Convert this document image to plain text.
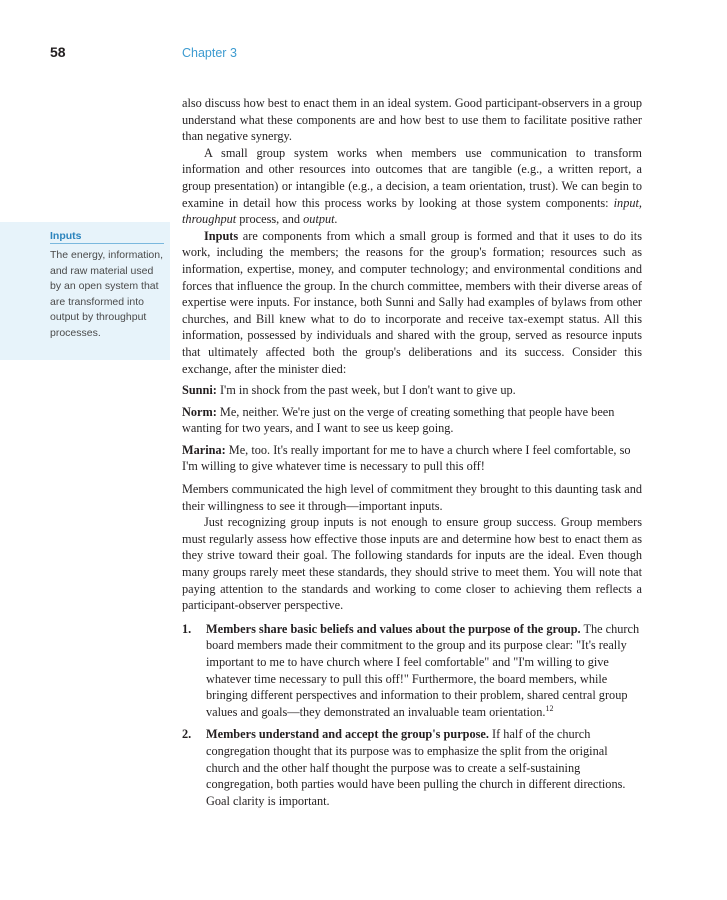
58	Chapter 3
Inputs
The energy, information, and raw material used by an open system that are transformed into output by throughput processes.

also discuss how best to enact them in an ideal system. Good participant-observers in a group understand what these components are and how best to use them to facilitate positive rather than negative synergy.

A small group system works when members use communication to transform information and other resources into outcomes that are tangible (e.g., a written report, a group presentation) or intangible (e.g., a decision, a team orientation, trust). We can begin to examine in detail how this process works by looking at those system components: input, throughput process, and output.

Inputs are components from which a small group is formed and that it uses to do its work, including the members; the reasons for the group's formation; resources such as information, expertise, money, and computer technology; and environmental conditions and forces that influence the group. In the church committee, members with their diverse areas of expertise were inputs. For instance, both Sunni and Sally had examples of bylaws from other churches, and Bill knew what to do to incorporate and receive tax-exempt status. All this information, possessed by individuals and shared with the group, served as resource inputs that ultimately affected both the group's deliberations and its success. Consider this exchange, after the minister died:

Sunni: I'm in shock from the past week, but I don't want to give up.
Norm: Me, neither. We're just on the verge of creating something that people have been wanting for two years, and I want to see us keep going.
Marina: Me, too. It's really important for me to have a church where I feel comfortable, so I'm willing to give whatever time is necessary to pull this off!

Members communicated the high level of commitment they brought to this daunting task and their willingness to see it through—important inputs.

Just recognizing group inputs is not enough to ensure group success. Group members must regularly assess how effective those inputs are and determine how best to enact them as they strive toward their goal. The following standards for inputs are the ideal. Even though many groups rarely meet these standards, they should strive to meet them. You will note that paying attention to the standards and working to come closer to achieving them reflects a participant-observer perspective.

1. Members share basic beliefs and values about the purpose of the group. The church board members made their commitment to the group and its purpose clear: "It's really important to me to have church where I feel comfortable" and "I'm willing to give whatever time necessary to pull this off!" Furthermore, the board members, while bringing different perspectives and information to their problem, shared central group values and goals—they demonstrated an invaluable team orientation.$^{12}$
2. Members understand and accept the group's purpose. If half of the church congregation thought that its purpose was to emphasize the split from the original church and the other half thought the purpose was to create a self-sustaining congregation, both parties would have been pulling the church in different directions. Goal clarity is important.
